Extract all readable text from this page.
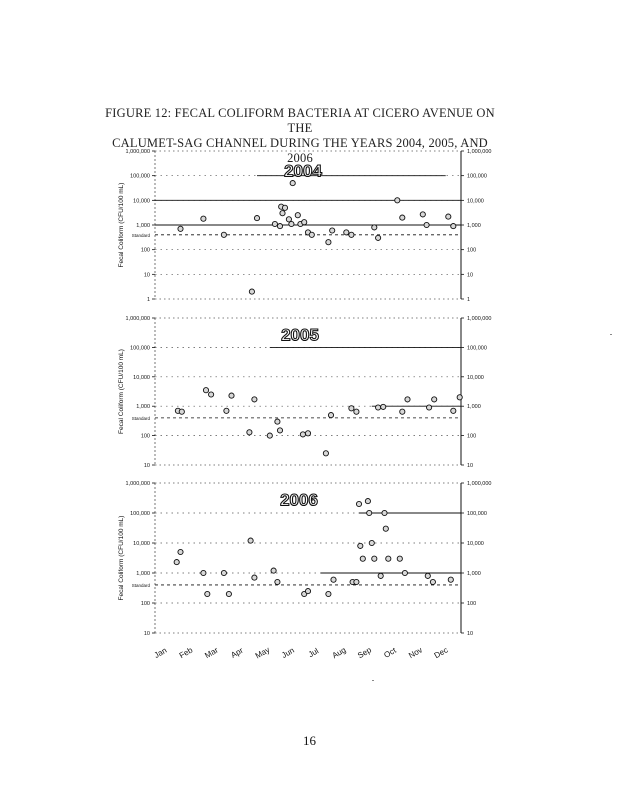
FIGURE 12: FECAL COLIFORM BACTERIA AT CICERO AVENUE ON THE
CALUMET-SAG CHANNEL DURING THE YEARS 2004, 2005, AND 2006
1
10
100
1,000
10,000
100,000
1,000,000	1,000,000
100,000
10,000
1,000
100
10
1
Standard
Fecal Coliform (CFU/100 mL)
2004
10
100
1,000
10,000
100,000
1,000,000	1,000,000
100,000
10,000
1,000
100
10
Standard
Fecal Coliform (CFU/100 mL)
2005
10
100
1,000
10,000
100,000
1,000,000	1,000,000
100,000
10,000
1,000
100
10
Standard
Fecal Coliform (CFU/100 mL)
2006
Jan Feb Mar Apr May Jun Jul Aug Sep Oct Nov Dec
16
